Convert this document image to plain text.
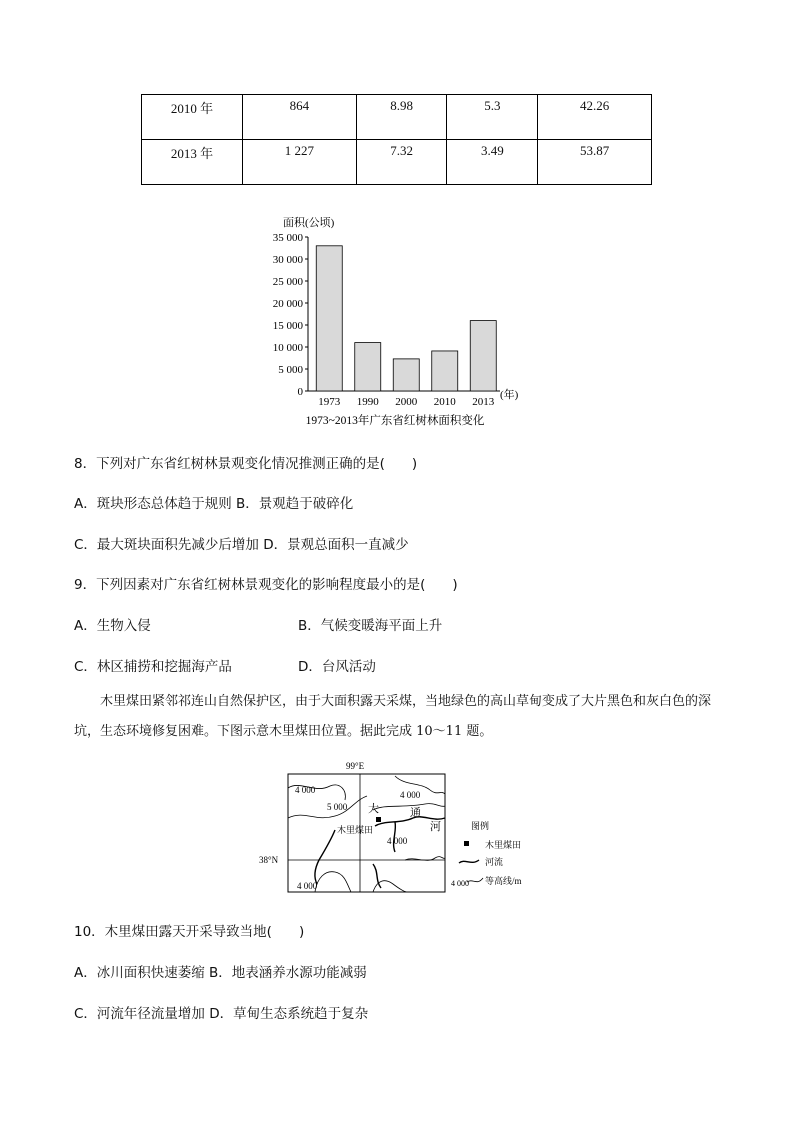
2010 年	864	8.98	5.3	42.26
2013 年	1 227	7.32	3.49	53.87
面积(公顷)
0
5 000
10 000
15 000
20 000
25 000
30 000
35 000
1973 1990 2000 2010 2013
(年)
1973~2013年广东省红树林面积变化
8．下列对广东省红树林景观变化情况推测正确的是(　　)
A．斑块形态总体趋于规则 B．景观趋于破碎化
C．最大斑块面积先减少后增加 D．景观总面积一直减少
9．下列因素对广东省红树林景观变化的影响程度最小的是(　　)
A．生物入侵	B．气候变暖海平面上升
C．林区捕捞和挖掘海产品	D．台风活动
木里煤田紧邻祁连山自然保护区，由于大面积露天采煤，当地绿色的高山草甸变成了大片黑色和灰白色的深坑，生态环境修复困难。下图示意木里煤田位置。据此完成 10～11 题。
99°E
38°N
4 000
5 000
4 000
4 000
4 000
大	通
河
木里煤田	图例
木里煤田
河流
4 000 等高线/m
10．木里煤田露天开采导致当地(　　)
A．冰川面积快速萎缩 B．地表涵养水源功能减弱
C．河流年径流量增加 D．草甸生态系统趋于复杂
